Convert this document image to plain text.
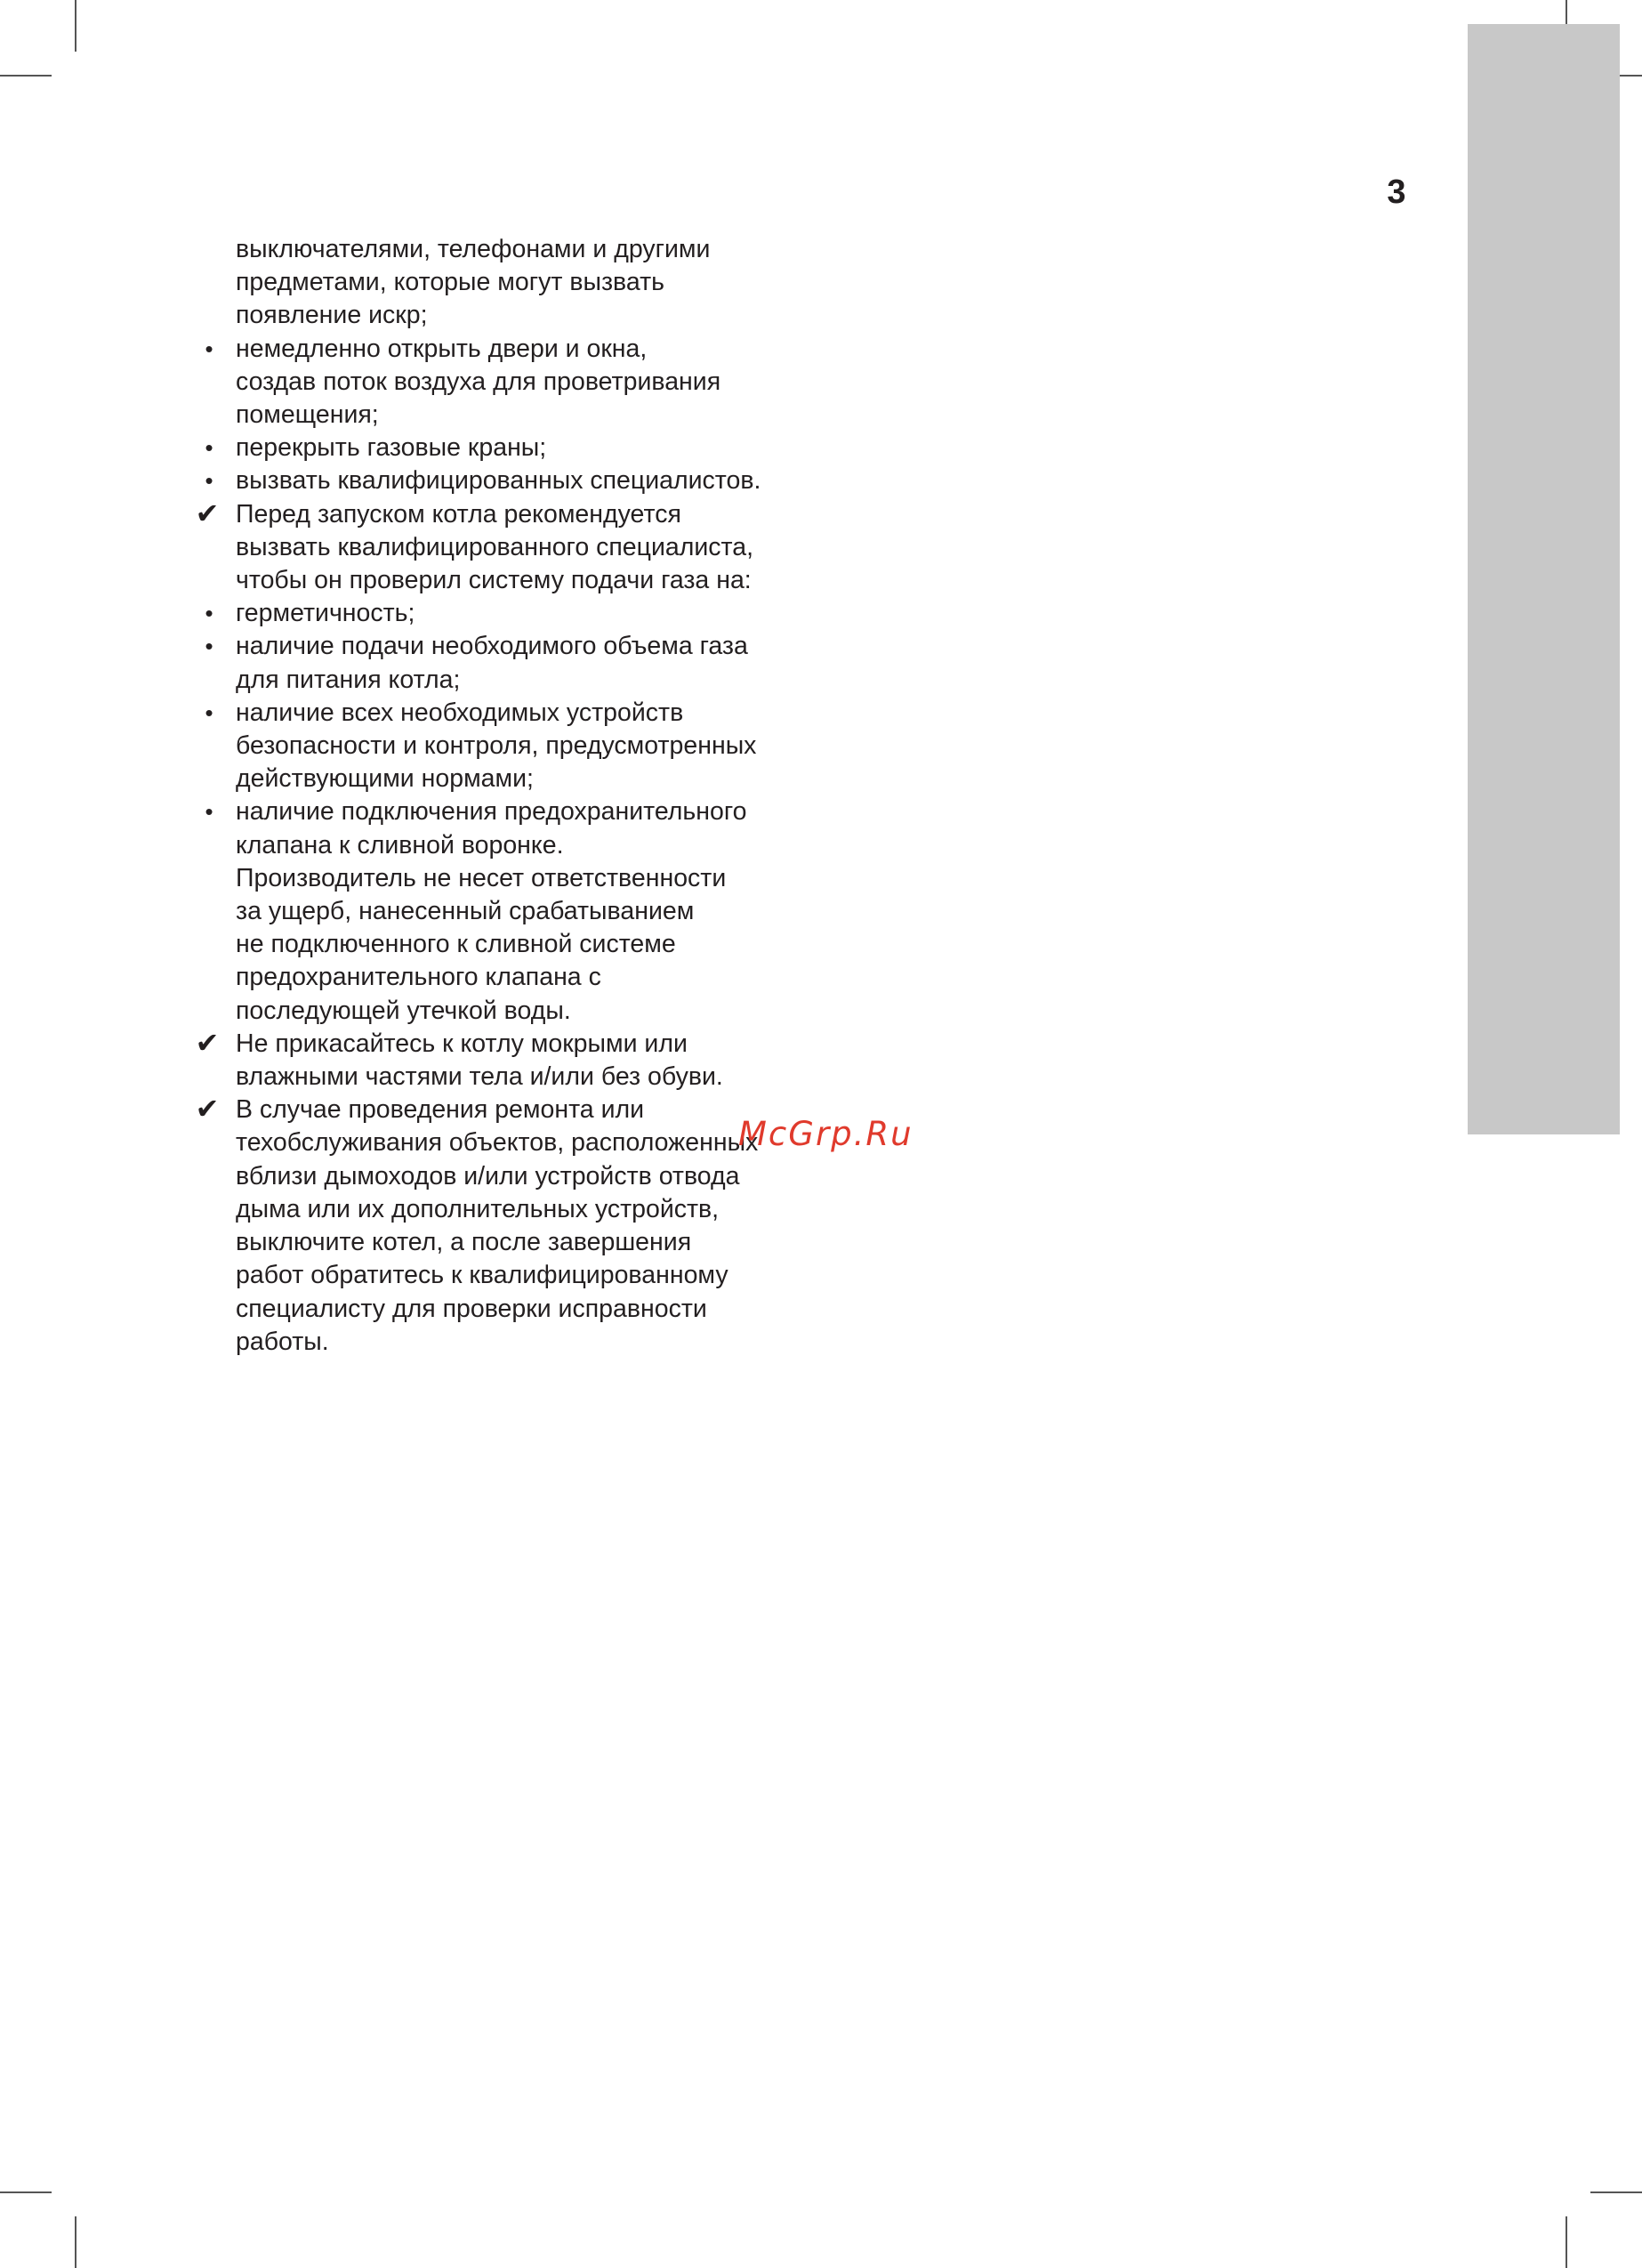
3
выключателями, телефонами и другими
предметами, которые могут вызвать
появление искр;
• немедленно открыть двери и окна,
создав поток воздуха для проветривания
помещения;
• перекрыть газовые краны;
• вызвать квалифицированных специалистов.
✔ Перед запуском котла рекомендуется
вызвать квалифицированного специалиста,
чтобы он проверил систему подачи газа на:
• герметичность;
• наличие подачи необходимого объема газа
для питания котла;
• наличие всех необходимых устройств
безопасности и контроля, предусмотренных
действующими нормами;
• наличие подключения предохранительного
клапана к сливной воронке.
Производитель не несет ответственности
за ущерб, нанесенный срабатыванием
не подключенного к сливной системе
предохранительного клапана с
последующей утечкой воды.
✔ Не прикасайтесь к котлу мокрыми или
влажными частями тела и/или без обуви.
✔ В случае проведения ремонта или
техобслуживания объектов, расположенных
вблизи дымоходов и/или устройств отвода
дыма или их дополнительных устройств,
выключите котел, а после завершения
работ обратитесь к квалифицированному
специалисту для проверки исправности
работы.
McGrp.Ru
